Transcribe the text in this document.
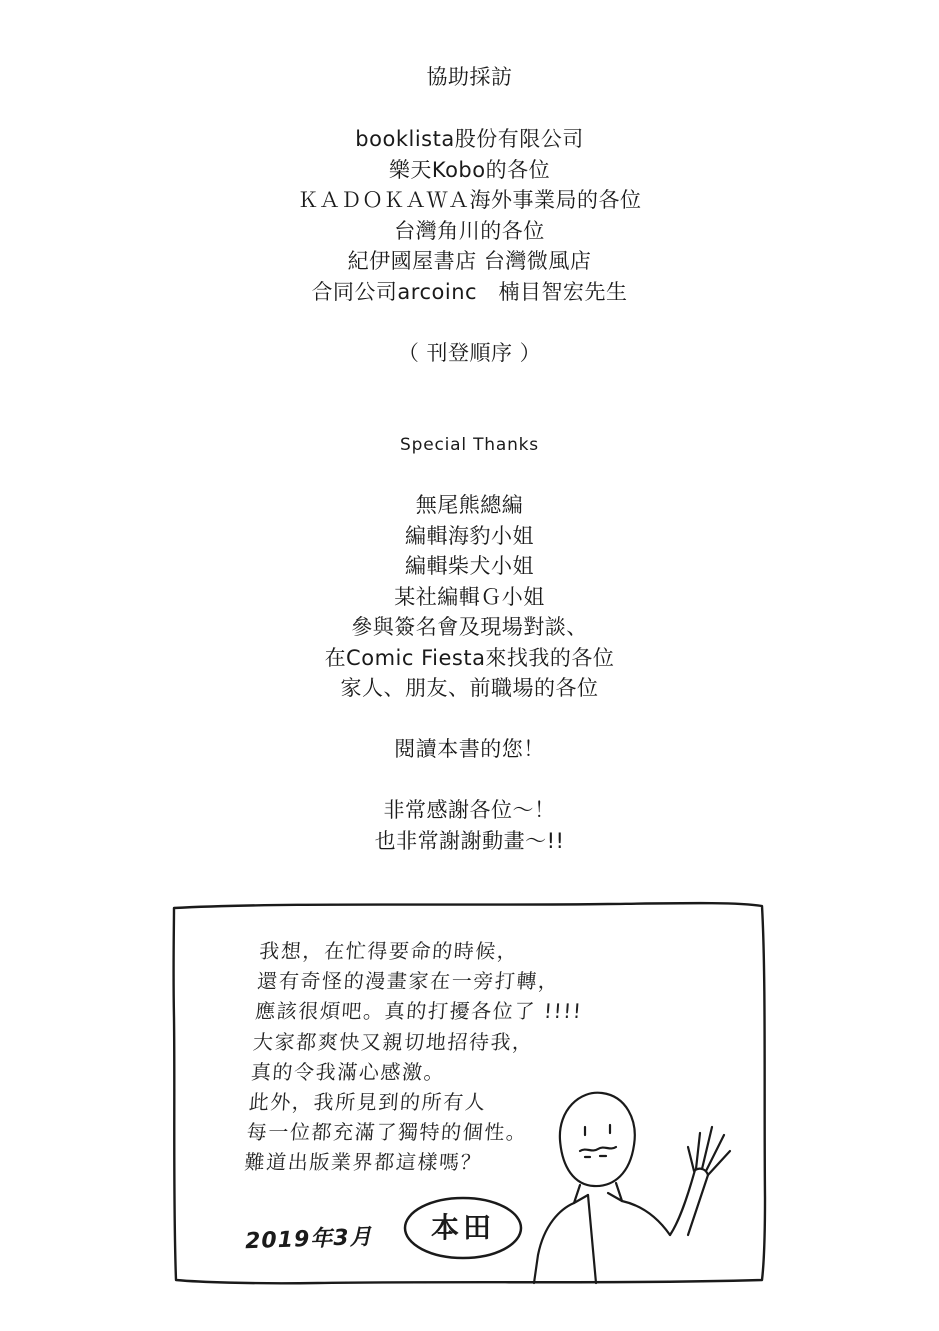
協助採訪
booklista股份有限公司
樂天Kobo的各位
ＫＡＤＯＫＡＷＡ海外事業局的各位
台灣角川的各位
紀伊國屋書店 台灣微風店
合同公司arcoinc　楠目智宏先生
（ 刊登順序 ）
Special Thanks
無尾熊總編
編輯海豹小姐
編輯柴犬小姐
某社編輯Ｇ小姐
參與簽名會及現場對談、
在Comic Fiesta來找我的各位
家人、朋友、前職場的各位
閱讀本書的您！
非常感謝各位～！
也非常謝謝動畫～!!
我想，在忙得要命的時候，
還有奇怪的漫畫家在一旁打轉，
應該很煩吧。真的打擾各位了 !!!!
大家都爽快又親切地招待我，
真的令我滿心感激。
此外，我所見到的所有人
每一位都充滿了獨特的個性。
難道出版業界都這樣嗎？
2019年3月	本田
